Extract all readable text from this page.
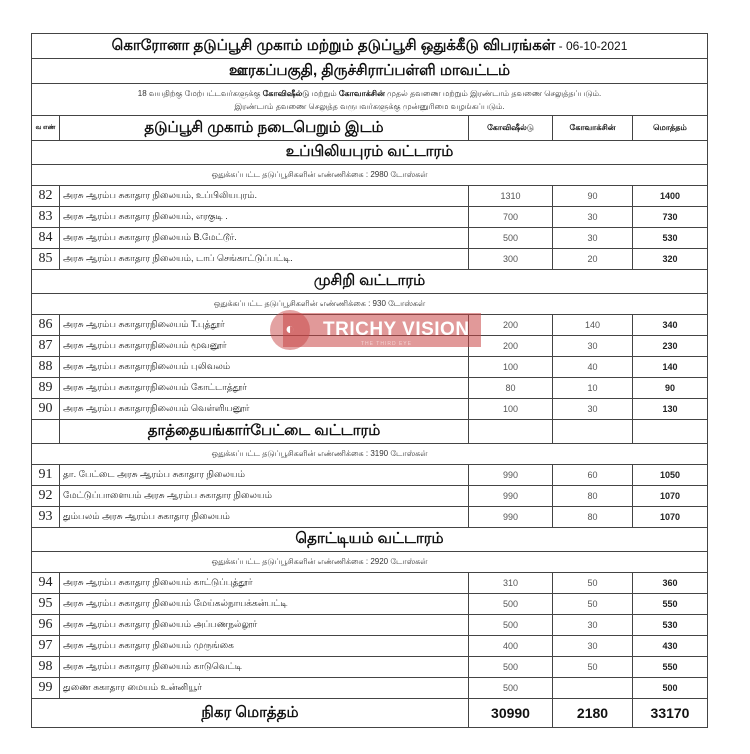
கொரோனா தடுப்பூசி முகாம் மற்றும் தடுப்பூசி ஒதுக்கீடு விபரங்கள் - 06-10-2021				
ஊரகப்பகுதி, திருச்சிராப்பள்ளி மாவட்டம்				
18 வயதிற்கு மேற்பட்டவர்களுக்கு கோவிஷீல்டு மற்றும் கோவாக்சின் முதல் தவணை மற்றும் இரண்டாம் தவணை செலுத்தப்படும்.
இரண்டாம் தவணை செலுத்த வருபவர்களுக்கு முன்னுரிமை வழங்கப்படும்.				
வ எண்	தடுப்பூசி முகாம் நடைபெறும் இடம்	கோவிஷீல்டு	கோவாக்சின்	மொத்தம்
உப்பிலியபுரம் வட்டாரம்				
ஒதுக்கப்பட்ட தடுப்பூசிகளின் எண்ணிக்கை : 2980 டோஸ்கள்				
82	அரசு ஆரம்ப சுகாதார நிலையம், உப்பிலியபுரம்.	1310	90	1400
83	அரசு ஆரம்ப சுகாதார நிலையம், எரகுடி .	700	30	730
84	அரசு ஆரம்ப சுகாதார நிலையம் B.மேட்டூர்.	500	30	530
85	அரசு ஆரம்ப சுகாதார நிலையம், டாப் செங்காட்டுப்பட்டி.	300	20	320
முசிறி வட்டாரம்				
ஒதுக்கப்பட்ட தடுப்பூசிகளின் எண்ணிக்கை : 930 டோஸ்கள்				
86	அரசு ஆரம்ப சுகாதாரநிலையம் T.புத்தூர்	200	140	340
87	அரசு ஆரம்ப சுகாதாரநிலையம் மூவனூர்	200	30	230
88	அரசு ஆரம்ப சுகாதாரநிலையம் புலிவலம்	100	40	140
89	அரசு ஆரம்ப சுகாதாரநிலையம் கோட்டாத்தூர்	80	10	90
90	அரசு ஆரம்ப சுகாதாரநிலையம் வெள்ளியனூர்	100	30	130
	தாத்தையங்கார்பேட்டை வட்டாரம்			
ஒதுக்கப்பட்ட தடுப்பூசிகளின் எண்ணிக்கை : 3190 டோஸ்கள்				
91	தா. பேட்டை அரசு ஆரம்ப சுகாதார நிலையம்	990	60	1050
92	மேட்டுப்பாளையம் அரசு ஆரம்ப சுகாதார நிலையம்	990	80	1070
93	தும்பலம் அரசு ஆரம்ப சுகாதார நிலையம்	990	80	1070
தொட்டியம் வட்டாரம்				
ஒதுக்கப்பட்ட தடுப்பூசிகளின் எண்ணிக்கை : 2920 டோஸ்கள்				
94	அரசு ஆரம்ப சுகாதார நிலையம் காட்டுப்புத்தூர்	310	50	360
95	அரசு ஆரம்ப சுகாதார நிலையம் மேய்கல்நாயக்கன்பட்டி	500	50	550
96	அரசு ஆரம்ப சுகாதார நிலையம் அப்பணநல்லூர்	500	30	530
97	அரசு ஆரம்ப சுகாதார நிலையம் முருங்கை	400	30	430
98	அரசு ஆரம்ப சுகாதார நிலையம் காடுவெட்டி	500	50	550
99	துணை சுகாதார மையம் உன்னியூர்	500		500
நிகர மொத்தம்		30990	2180	33170
◐	TRICHY VISION
THE THIRD EYE
